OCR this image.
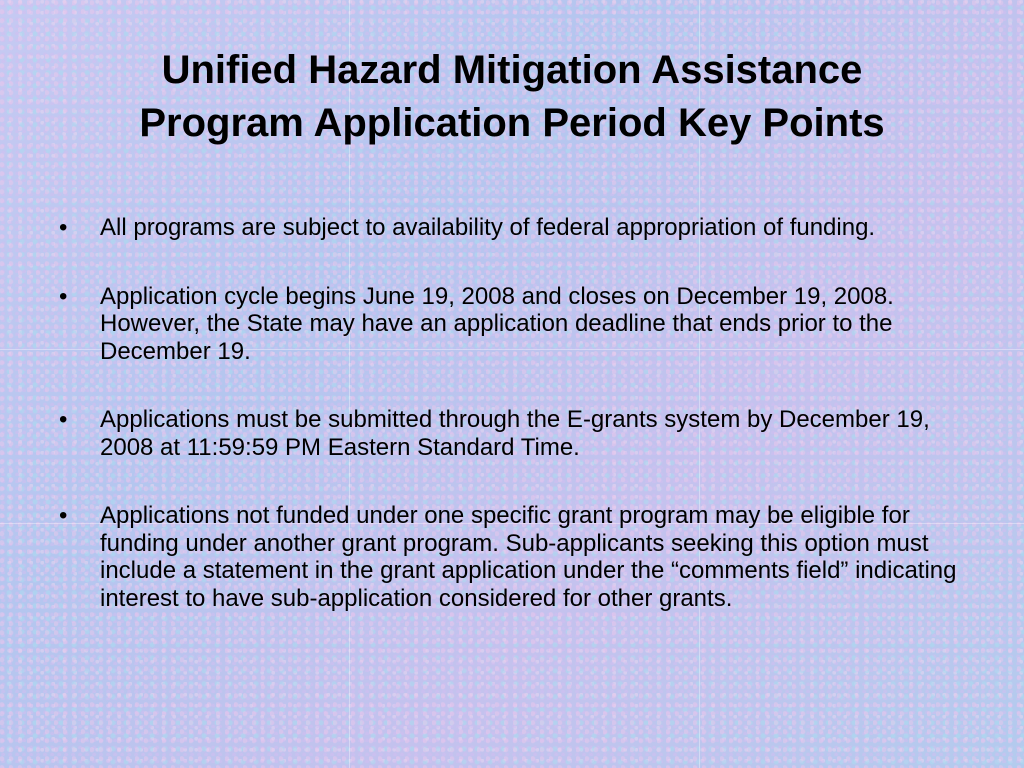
Unified Hazard Mitigation Assistance
Program Application Period Key Points
• All programs are subject to availability of federal appropriation of funding.
• Application cycle begins June 19, 2008 and closes on December 19, 2008. However, the State may have an application deadline that ends prior to the December 19.
• Applications must be submitted through the E-grants system by December 19, 2008 at 11:59:59 PM Eastern Standard Time.
• Applications not funded under one specific grant program may be eligible for funding under another grant program. Sub-applicants seeking this option must include a statement in the grant application under the “comments field” indicating interest to have sub-application considered for other grants.
